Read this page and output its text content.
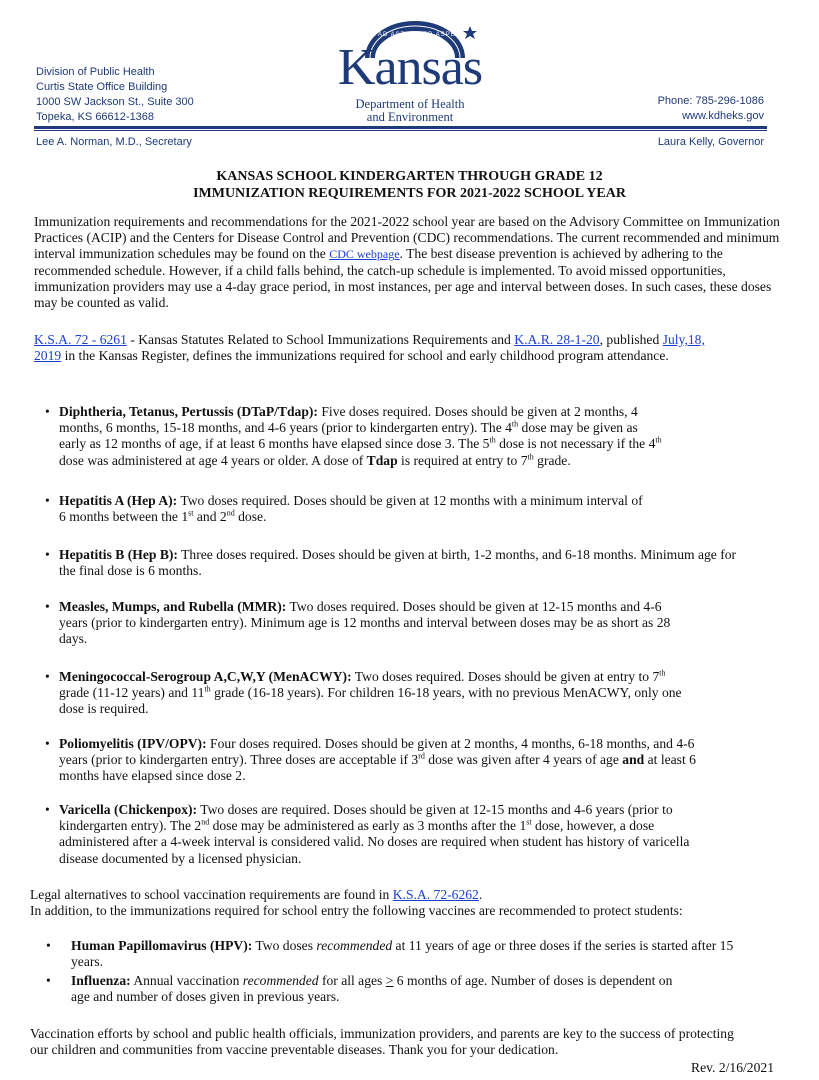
Division of Public Health
Curtis State Office Building
1000 SW Jackson St., Suite 300
Topeka, KS 66612-1368
AD ASTRA PER ASPERA
Kansas
Department of Health
and Environment
Phone: 785-296-1086
www.kdheks.gov
Lee A. Norman, M.D., Secretary	Laura Kelly, Governor
KANSAS SCHOOL KINDERGARTEN THROUGH GRADE 12
IMMUNIZATION REQUIREMENTS FOR 2021-2022 SCHOOL YEAR
Immunization requirements and recommendations for the 2021-2022 school year are based on the Advisory Committee on Immunization Practices (ACIP) and the Centers for Disease Control and Prevention (CDC) recommendations. The current recommended and minimum interval immunization schedules may be found on the CDC webpage. The best disease prevention is achieved by adhering to the recommended schedule. However, if a child falls behind, the catch-up schedule is implemented. To avoid missed opportunities, immunization providers may use a 4-day grace period, in most instances, per age and interval between doses. In such cases, these doses may be counted as valid.
K.S.A. 72 - 6261 - Kansas Statutes Related to School Immunizations Requirements and K.A.R. 28-1-20, published July,18, 2019 in the Kansas Register, defines the immunizations required for school and early childhood program attendance.
• Diphtheria, Tetanus, Pertussis (DTaP/Tdap): Five doses required. Doses should be given at 2 months, 4
months, 6 months, 15-18 months, and 4-6 years (prior to kindergarten entry). The 4th dose may be given as
early as 12 months of age, if at least 6 months have elapsed since dose 3. The 5th dose is not necessary if the 4th
dose was administered at age 4 years or older. A dose of Tdap is required at entry to 7th grade.
• Hepatitis A (Hep A): Two doses required. Doses should be given at 12 months with a minimum interval of
6 months between the 1st and 2nd dose.
• Hepatitis B (Hep B): Three doses required. Doses should be given at birth, 1-2 months, and 6-18 months. Minimum age for
the final dose is 6 months.
• Measles, Mumps, and Rubella (MMR): Two doses required. Doses should be given at 12-15 months and 4-6
years (prior to kindergarten entry). Minimum age is 12 months and interval between doses may be as short as 28
days.
• Meningococcal-Serogroup A,C,W,Y (MenACWY): Two doses required. Doses should be given at entry to 7th
grade (11-12 years) and 11th grade (16-18 years). For children 16-18 years, with no previous MenACWY, only one
dose is required.
• Poliomyelitis (IPV/OPV): Four doses required. Doses should be given at 2 months, 4 months, 6-18 months, and 4-6
years (prior to kindergarten entry). Three doses are acceptable if 3rd dose was given after 4 years of age and at least 6
months have elapsed since dose 2.
• Varicella (Chickenpox): Two doses are required. Doses should be given at 12-15 months and 4-6 years (prior to
kindergarten entry). The 2nd dose may be administered as early as 3 months after the 1st dose, however, a dose
administered after a 4-week interval is considered valid. No doses are required when student has history of varicella
disease documented by a licensed physician.
Legal alternatives to school vaccination requirements are found in K.S.A. 72-6262.
In addition, to the immunizations required for school entry the following vaccines are recommended to protect students:
• Human Papillomavirus (HPV): Two doses recommended at 11 years of age or three doses if the series is started after 15
years.
• Influenza: Annual vaccination recommended for all ages ≥ 6 months of age. Number of doses is dependent on
age and number of doses given in previous years.
Vaccination efforts by school and public health officials, immunization providers, and parents are key to the success of protecting
our children and communities from vaccine preventable diseases. Thank you for your dedication.
Rev. 2/16/2021
